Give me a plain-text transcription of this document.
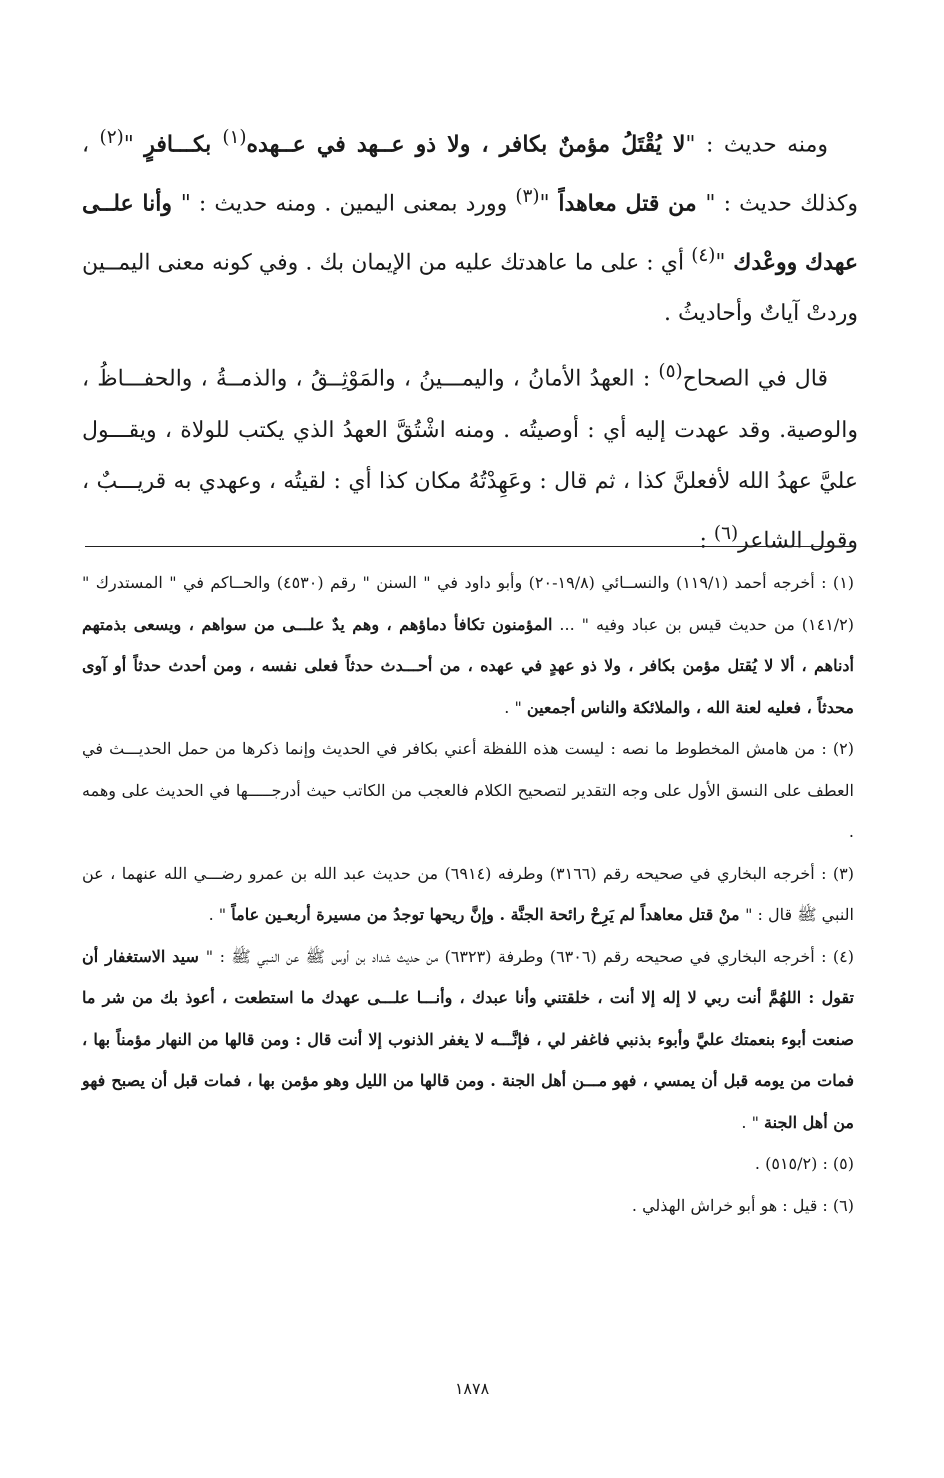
ومنه حديث : "لا يُقْتَلُ مؤمنٌ بكافر ، ولا ذو عــهد في عــهده$^{(١)}$ بكـــافرٍ "$^{(٢)}$ ، وكذلك حديث : " من قتل معاهداً "$^{(٣)}$ وورد بمعنى اليمين . ومنه حديث : " وأنا علــى عهدك ووعْدك "$^{(٤)}$ أي : على ما عاهدتك عليه من الإيمان بك . وفي كونه معنى اليمــين وردتْ آياتٌ وأحاديثُ .

قال في الصحاح$^{(٥)}$ : العهدُ الأمانُ ، واليمـــينُ ، والمَوْثِــقُ ، والذمــةُ ، والحفـــاظُ ، والوصية. وقد عهدت إليه أي : أوصيتُه . ومنه اشْتُقَّ العهدُ الذي يكتب للولاة ، ويقـــول عليَّ عهدُ الله لأفعلنَّ كذا ، ثم قال : وعَهِدْتُهُ مكان كذا أي : لقيتُه ، وعهدي به قريـــبٌ ، وقول الشاعر$^{(٦)}$ :

(١) : أخرجه أحمد (١١٩/١) والنســائي (١٩/٨-٢٠) وأبو داود في " السنن " رقم (٤٥٣٠) والحــاكم في " المستدرك " (١٤١/٢) من حديث قيس بن عباد وفيه " ... المؤمنون تكافأ دماؤهم ، وهم يدٌ علـــى من سواهم ، ويسعى بذمتهم أدناهم ، ألا لا يُقتل مؤمن بكافر ، ولا ذو عهدٍ في عهده ، من أحـــدث حدثاً فعلى نفسه ، ومن أحدث حدثاً أو آوى محدثاً ، فعليه لعنة الله ، والملائكة والناس أجمعين " .

(٢) : من هامش المخطوط ما نصه : ليست هذه اللفظة أعني بكافر في الحديث وإنما ذكرها من حمل الحديـــث في العطف على النسق الأول على وجه التقدير لتصحيح الكلام فالعجب من الكاتب حيث أدرجـــــها في الحديث على وهمه .

(٣) : أخرجه البخاري في صحيحه رقم (٣١٦٦) وطرفه (٦٩١٤) من حديث عبد الله بن عمرو رضـــي الله عنهما ، عن النبي ﷺ قال : " منْ قتل معاهداً لم يَرِحْ رائحة الجنَّة . وإنَّ ريحها توجدُ من مسيرة أربعـين عاماً " .

(٤) : أخرجه البخاري في صحيحه رقم (٦٣٠٦) وطرفة (٦٣٢٣) من حديث شداد بن أوس ﷺ عن النـبي ﷺ : " سيد الاستغفار أن تقول : اللهُمَّ أنت ربي لا إله إلا أنت ، خلقتني وأنا عبدك ، وأنـــا علـــى عهدك ما استطعت ، أعوذ بك من شر ما صنعت أبوء بنعمتك عليَّ وأبوء بذنبي فاغفر لي ، فإنَّـــه لا يغفر الذنوب إلا أنت قال : ومن قالها من النهار مؤمناً بها ، فمات من يومه قبل أن يمسي ، فهو مـــن أهل الجنة . ومن قالها من الليل وهو مؤمن بها ، فمات قبل أن يصبح فهو من أهل الجنة " .

(٥) : (٥١٥/٢) .

(٦) : قيل : هو أبو خراش الهذلي .

١٨٧٨
